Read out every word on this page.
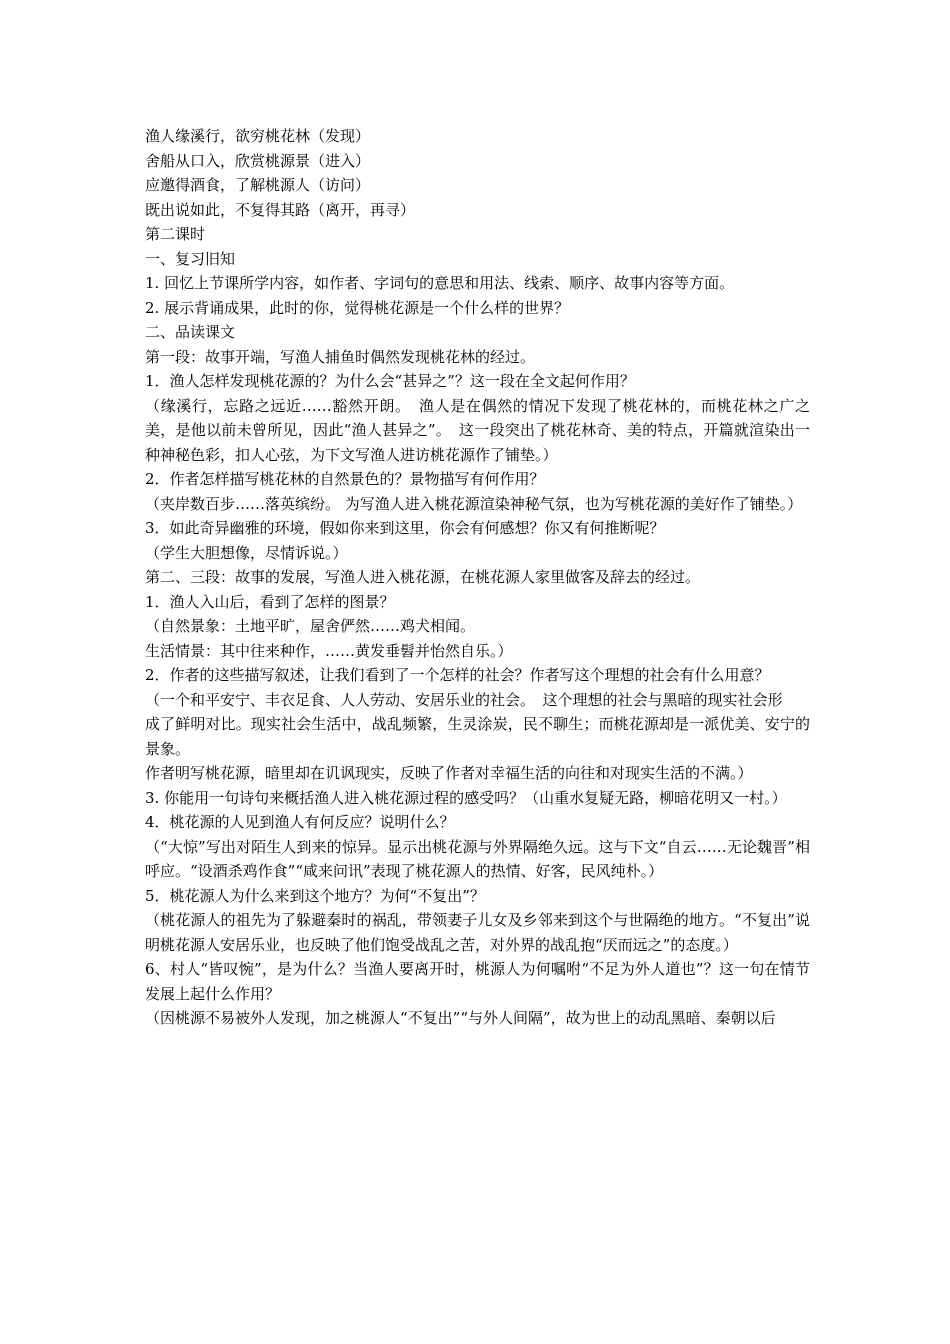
渔人缘溪行，欲穷桃花林（发现）

舍船从口入，欣赏桃源景（进入）

应邀得酒食，了解桃源人（访问）

既出说如此，不复得其路（离开，再寻）

第二课时

一、复习旧知

1. 回忆上节课所学内容，如作者、字词句的意思和用法、线索、顺序、故事内容等方面。

2. 展示背诵成果，此时的你，觉得桃花源是一个什么样的世界？

二、品读课文

第一段：故事开端，写渔人捕鱼时偶然发现桃花林的经过。

1．渔人怎样发现桃花源的？为什么会“甚异之”？这一段在全文起何作用？

（缘溪行，忘路之远近……豁然开朗。　渔人是在偶然的情况下发现了桃花林的，而桃花林之广之美，是他以前未曾所见，因此“渔人甚异之”。　这一段突出了桃花林奇、美的特点，开篇就渲染出一种神秘色彩，扣人心弦，为下文写渔人进访桃花源作了铺垫。）

2．作者怎样描写桃花林的自然景色的？景物描写有何作用？

（夹岸数百步……落英缤纷。 为写渔人进入桃花源渲染神秘气氛，也为写桃花源的美好作了铺垫。）

3．如此奇异幽雅的环境，假如你来到这里，你会有何感想？你又有何推断呢？

（学生大胆想像，尽情诉说。）

第二、三段：故事的发展，写渔人进入桃花源，在桃花源人家里做客及辞去的经过。

1．渔人入山后，看到了怎样的图景？

（自然景象：土地平旷，屋舍俨然……鸡犬相闻。

生活情景：其中往来种作，……黄发垂髫并怡然自乐。）

2．作者的这些描写叙述，让我们看到了一个怎样的社会？作者写这个理想的社会有什么用意？

（一个和平安宁、丰衣足食、人人劳动、安居乐业的社会。　这个理想的社会与黑暗的现实社会形

成了鲜明对比。现实社会生活中，战乱频繁，生灵涂炭，民不聊生；而桃花源却是一派优美、安宁的景象。

作者明写桃花源，暗里却在讥讽现实，反映了作者对幸福生活的向往和对现实生活的不满。）

3. 你能用一句诗句来概括渔人进入桃花源过程的感受吗？（山重水复疑无路，柳暗花明又一村。）

4．桃花源的人见到渔人有何反应？说明什么？

（“大惊”写出对陌生人到来的惊异。显示出桃花源与外界隔绝久远。这与下文“自云……无论魏晋”相呼应。“设酒杀鸡作食”“咸来问讯”表现了桃花源人的热情、好客，民风纯朴。）

5．桃花源人为什么来到这个地方？为何“不复出”？

（桃花源人的祖先为了躲避秦时的祸乱，带领妻子儿女及乡邻来到这个与世隔绝的地方。“不复出”说明桃花源人安居乐业，也反映了他们饱受战乱之苦，对外界的战乱抱“厌而远之”的态度。）

6、村人“皆叹惋”，是为什么？当渔人要离开时，桃源人为何嘱咐“不足为外人道也”？这一句在情节发展上起什么作用？

（因桃源不易被外人发现，加之桃源人“不复出”“与外人间隔”，故为世上的动乱黑暗、秦朝以后
